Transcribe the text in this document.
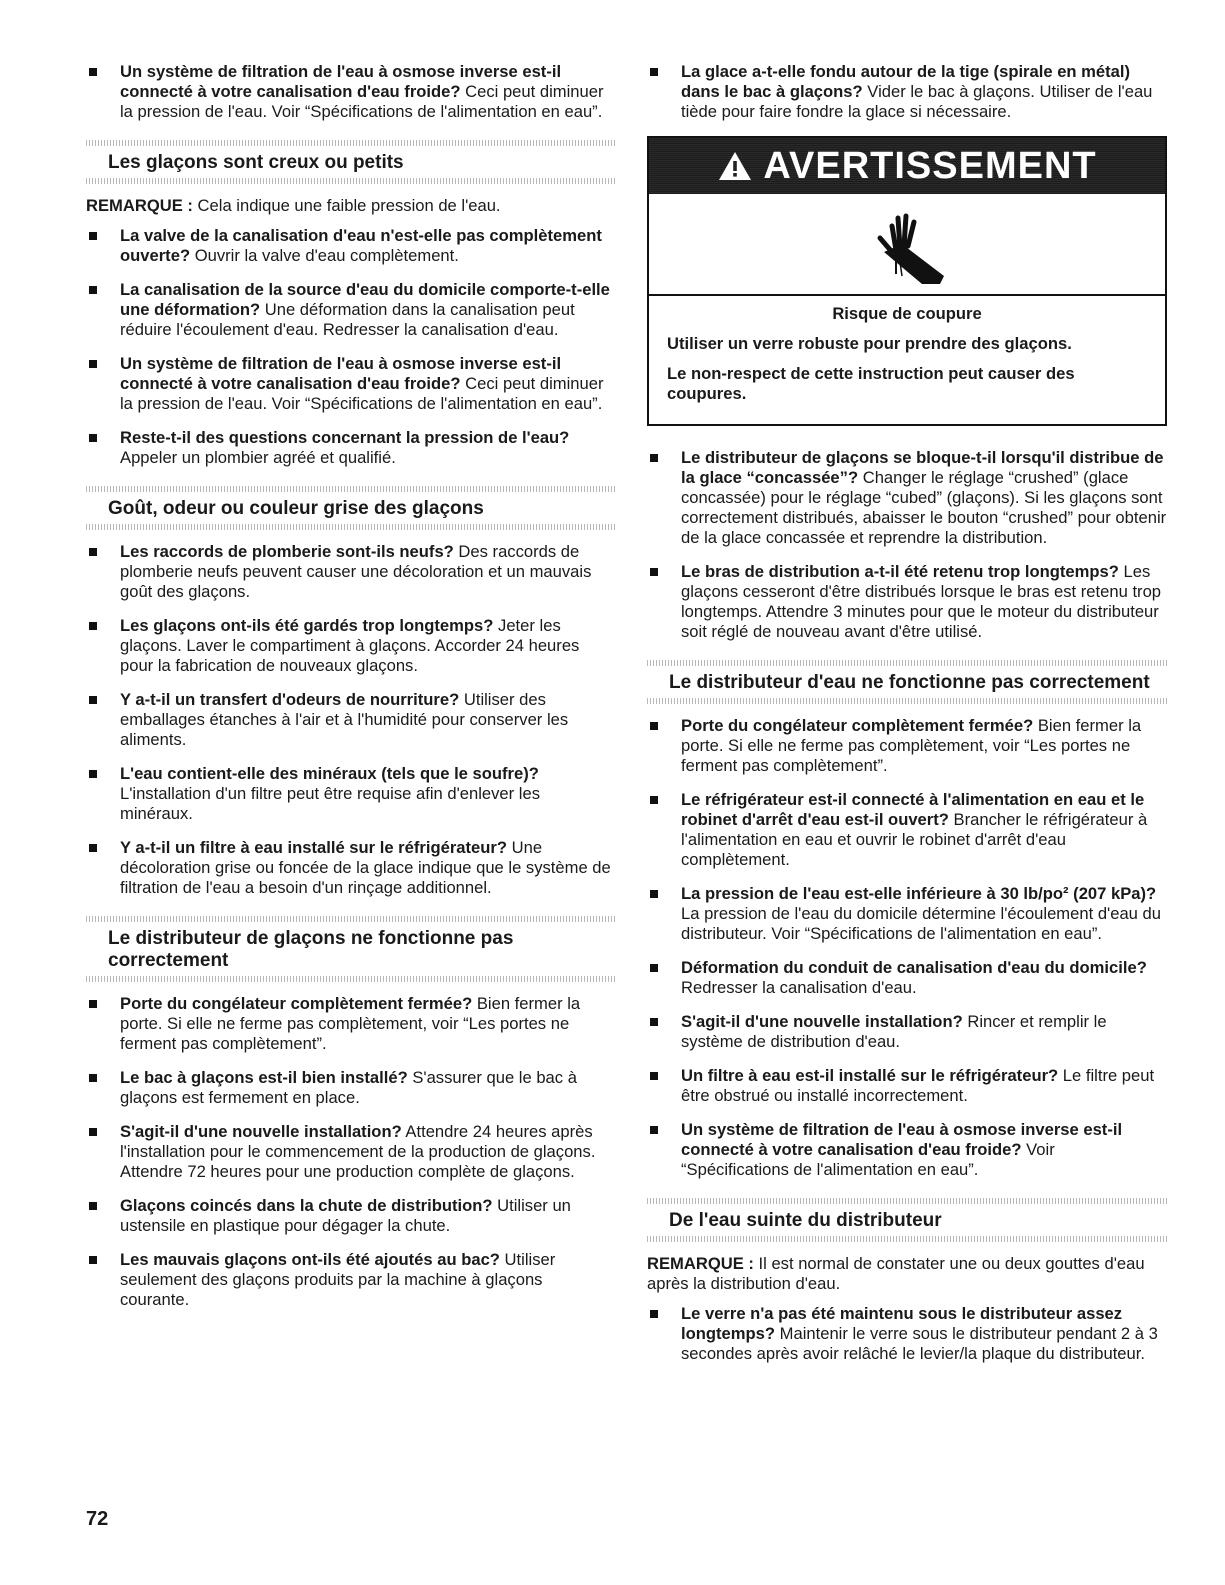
Un système de filtration de l'eau à osmose inverse est-il connecté à votre canalisation d'eau froide? Ceci peut diminuer la pression de l'eau. Voir “Spécifications de l'alimentation en eau”.
Les glaçons sont creux ou petits
REMARQUE : Cela indique une faible pression de l'eau.
La valve de la canalisation d'eau n'est-elle pas complètement ouverte? Ouvrir la valve d'eau complètement.
La canalisation de la source d'eau du domicile comporte-t-elle une déformation? Une déformation dans la canalisation peut réduire l'écoulement d'eau. Redresser la canalisation d'eau.
Un système de filtration de l'eau à osmose inverse est-il connecté à votre canalisation d'eau froide? Ceci peut diminuer la pression de l'eau. Voir “Spécifications de l'alimentation en eau”.
Reste-t-il des questions concernant la pression de l'eau? Appeler un plombier agréé et qualifié.
Goût, odeur ou couleur grise des glaçons
Les raccords de plomberie sont-ils neufs? Des raccords de plomberie neufs peuvent causer une décoloration et un mauvais goût des glaçons.
Les glaçons ont-ils été gardés trop longtemps? Jeter les glaçons. Laver le compartiment à glaçons. Accorder 24 heures pour la fabrication de nouveaux glaçons.
Y a-t-il un transfert d'odeurs de nourriture? Utiliser des emballages étanches à l'air et à l'humidité pour conserver les aliments.
L'eau contient-elle des minéraux (tels que le soufre)? L'installation d'un filtre peut être requise afin d'enlever les minéraux.
Y a-t-il un filtre à eau installé sur le réfrigérateur? Une décoloration grise ou foncée de la glace indique que le système de filtration de l'eau a besoin d'un rinçage additionnel.
Le distributeur de glaçons ne fonctionne pas correctement
Porte du congélateur complètement fermée? Bien fermer la porte. Si elle ne ferme pas complètement, voir “Les portes ne ferment pas complètement”.
Le bac à glaçons est-il bien installé? S'assurer que le bac à glaçons est fermement en place.
S'agit-il d'une nouvelle installation? Attendre 24 heures après l'installation pour le commencement de la production de glaçons. Attendre 72 heures pour une production complète de glaçons.
Glaçons coincés dans la chute de distribution? Utiliser un ustensile en plastique pour dégager la chute.
Les mauvais glaçons ont-ils été ajoutés au bac? Utiliser seulement des glaçons produits par la machine à glaçons courante.
La glace a-t-elle fondu autour de la tige (spirale en métal) dans le bac à glaçons? Vider le bac à glaçons. Utiliser de l'eau tiède pour faire fondre la glace si nécessaire.
AVERTISSEMENT
Risque de coupure
Utiliser un verre robuste pour prendre des glaçons.
Le non-respect de cette instruction peut causer des coupures.
Le distributeur de glaçons se bloque-t-il lorsqu'il distribue de la glace “concassée”? Changer le réglage “crushed” (glace concassée) pour le réglage “cubed” (glaçons). Si les glaçons sont correctement distribués, abaisser le bouton “crushed” pour obtenir de la glace concassée et reprendre la distribution.
Le bras de distribution a-t-il été retenu trop longtemps? Les glaçons cesseront d'être distribués lorsque le bras est retenu trop longtemps. Attendre 3 minutes pour que le moteur du distributeur soit réglé de nouveau avant d'être utilisé.
Le distributeur d'eau ne fonctionne pas correctement
Porte du congélateur complètement fermée? Bien fermer la porte. Si elle ne ferme pas complètement, voir “Les portes ne ferment pas complètement”.
Le réfrigérateur est-il connecté à l'alimentation en eau et le robinet d'arrêt d'eau est-il ouvert? Brancher le réfrigérateur à l'alimentation en eau et ouvrir le robinet d'arrêt d'eau complètement.
La pression de l'eau est-elle inférieure à 30 lb/po² (207 kPa)? La pression de l'eau du domicile détermine l'écoulement d'eau du distributeur. Voir “Spécifications de l'alimentation en eau”.
Déformation du conduit de canalisation d'eau du domicile? Redresser la canalisation d'eau.
S'agit-il d'une nouvelle installation? Rincer et remplir le système de distribution d'eau.
Un filtre à eau est-il installé sur le réfrigérateur? Le filtre peut être obstrué ou installé incorrectement.
Un système de filtration de l'eau à osmose inverse est-il connecté à votre canalisation d'eau froide? Voir “Spécifications de l'alimentation en eau”.
De l'eau suinte du distributeur
REMARQUE : Il est normal de constater une ou deux gouttes d'eau après la distribution d'eau.
Le verre n'a pas été maintenu sous le distributeur assez longtemps? Maintenir le verre sous le distributeur pendant 2 à 3 secondes après avoir relâché le levier/la plaque du distributeur.
72
